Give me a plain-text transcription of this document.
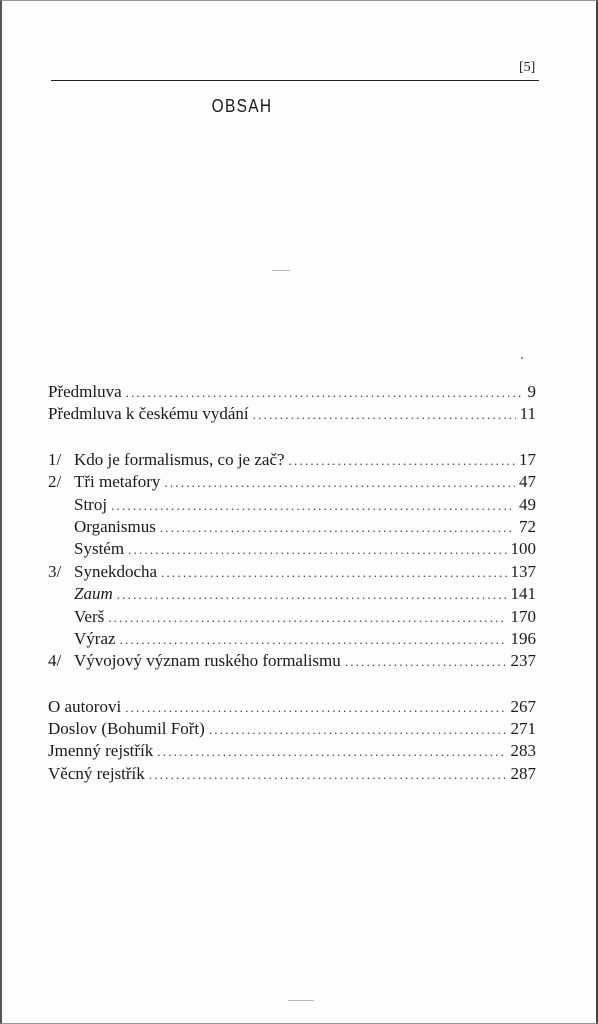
[5]
OBSAH
Předmluva .....	9
Předmluva k českému vydání .....	11
1/ Kdo je formalismus, co je zač? .....	17
2/ Tři metafory .....	47
Stroj .....	49
Organismus .....	72
Systém .....	100
3/ Synekdocha .....	137
Zaum .....	141
Verš .....	170
Výraz .....	196
4/ Vývojový význam ruského formalismu .....	237
O autorovi .....	267
Doslov (Bohumil Fořt) .....	271
Jmenný rejstřík .....	283
Věcný rejstřík .....	287
